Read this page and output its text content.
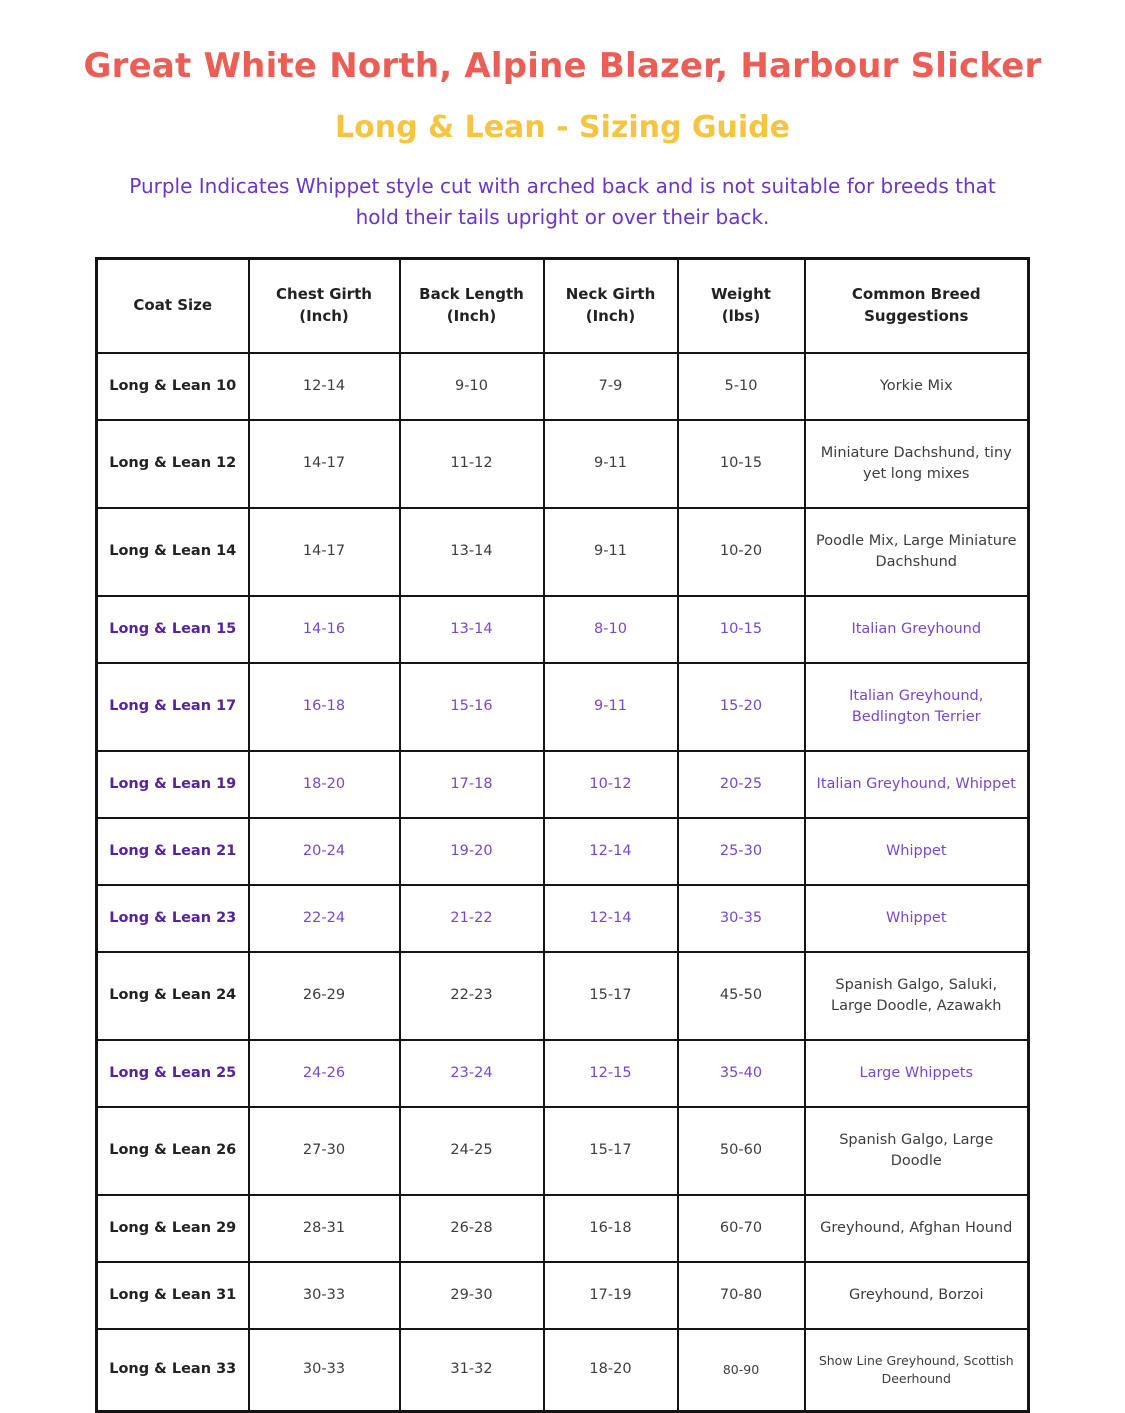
Great White North, Alpine Blazer, Harbour Slicker
Long & Lean - Sizing Guide

Purple Indicates Whippet style cut with arched back and is not suitable for breeds that hold their tails upright or over their back.

Coat Size

Chest Girth
(Inch)

Back Length
(Inch)

Neck Girth
(Inch)

Weight
(lbs)

Common Breed
Suggestions

Long & Lean 10	12-14	9-10	7-9	5-10	Yorkie Mix
Long & Lean 12	14-17	11-12	9-11	10-15	Miniature Dachshund, tiny yet long mixes
Long & Lean 14	14-17	13-14	9-11	10-20	Poodle Mix, Large Miniature Dachshund
Long & Lean 15	14-16	13-14	8-10	10-15	Italian Greyhound
Long & Lean 17	16-18	15-16	9-11	15-20	Italian Greyhound, Bedlington Terrier
Long & Lean 19	18-20	17-18	10-12	20-25	Italian Greyhound, Whippet
Long & Lean 21	20-24	19-20	12-14	25-30	Whippet
Long & Lean 23	22-24	21-22	12-14	30-35	Whippet
Long & Lean 24	26-29	22-23	15-17	45-50	Spanish Galgo, Saluki, Large Doodle, Azawakh
Long & Lean 25	24-26	23-24	12-15	35-40	Large Whippets
Long & Lean 26	27-30	24-25	15-17	50-60	Spanish Galgo, Large Doodle
Long & Lean 29	28-31	26-28	16-18	60-70	Greyhound, Afghan Hound
Long & Lean 31	30-33	29-30	17-19	70-80	Greyhound, Borzoi
Long & Lean 33	30-33	31-32	18-20	80-90	Show Line Greyhound, Scottish Deerhound
